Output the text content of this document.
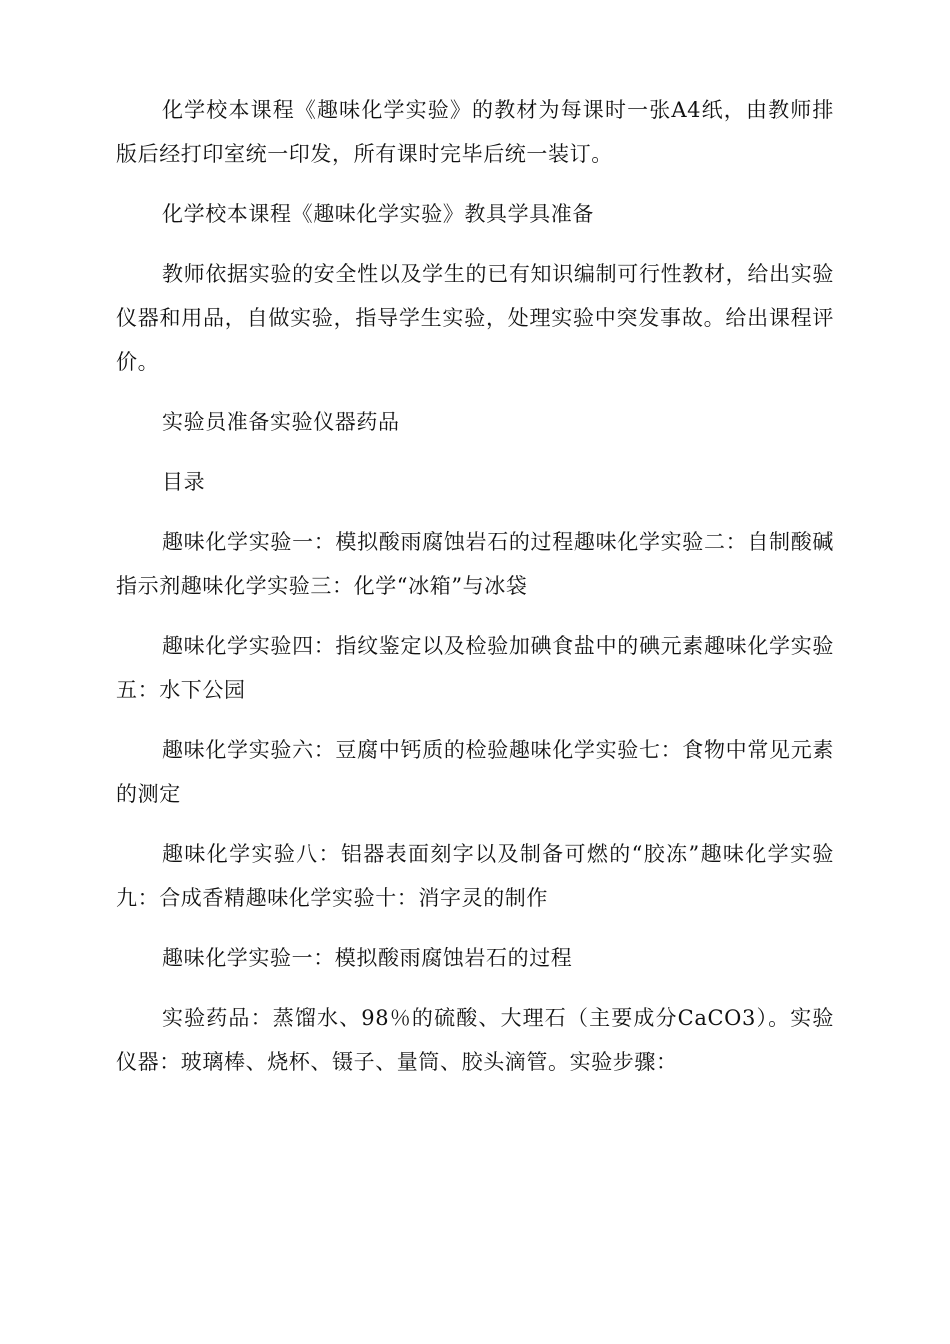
化学校本课程《趣味化学实验》的教材为每课时一张A4纸，由教师排版后经打印室统一印发，所有课时完毕后统一装订。

化学校本课程《趣味化学实验》教具学具准备

教师依据实验的安全性以及学生的已有知识编制可行性教材，给出实验仪器和用品，自做实验，指导学生实验，处理实验中突发事故。给出课程评价。

实验员准备实验仪器药品

目录

趣味化学实验一：模拟酸雨腐蚀岩石的过程趣味化学实验二：自制酸碱指示剂趣味化学实验三：化学“冰箱”与冰袋

趣味化学实验四：指纹鉴定以及检验加碘食盐中的碘元素趣味化学实验五：水下公园

趣味化学实验六：豆腐中钙质的检验趣味化学实验七：食物中常见元素的测定

趣味化学实验八：铝器表面刻字以及制备可燃的“胶冻”趣味化学实验九：合成香精趣味化学实验十：消字灵的制作

趣味化学实验一：模拟酸雨腐蚀岩石的过程

实验药品：蒸馏水、98％的硫酸、大理石（主要成分CaCO3）。实验仪器：玻璃棒、烧杯、镊子、量筒、胶头滴管。实验步骤：
